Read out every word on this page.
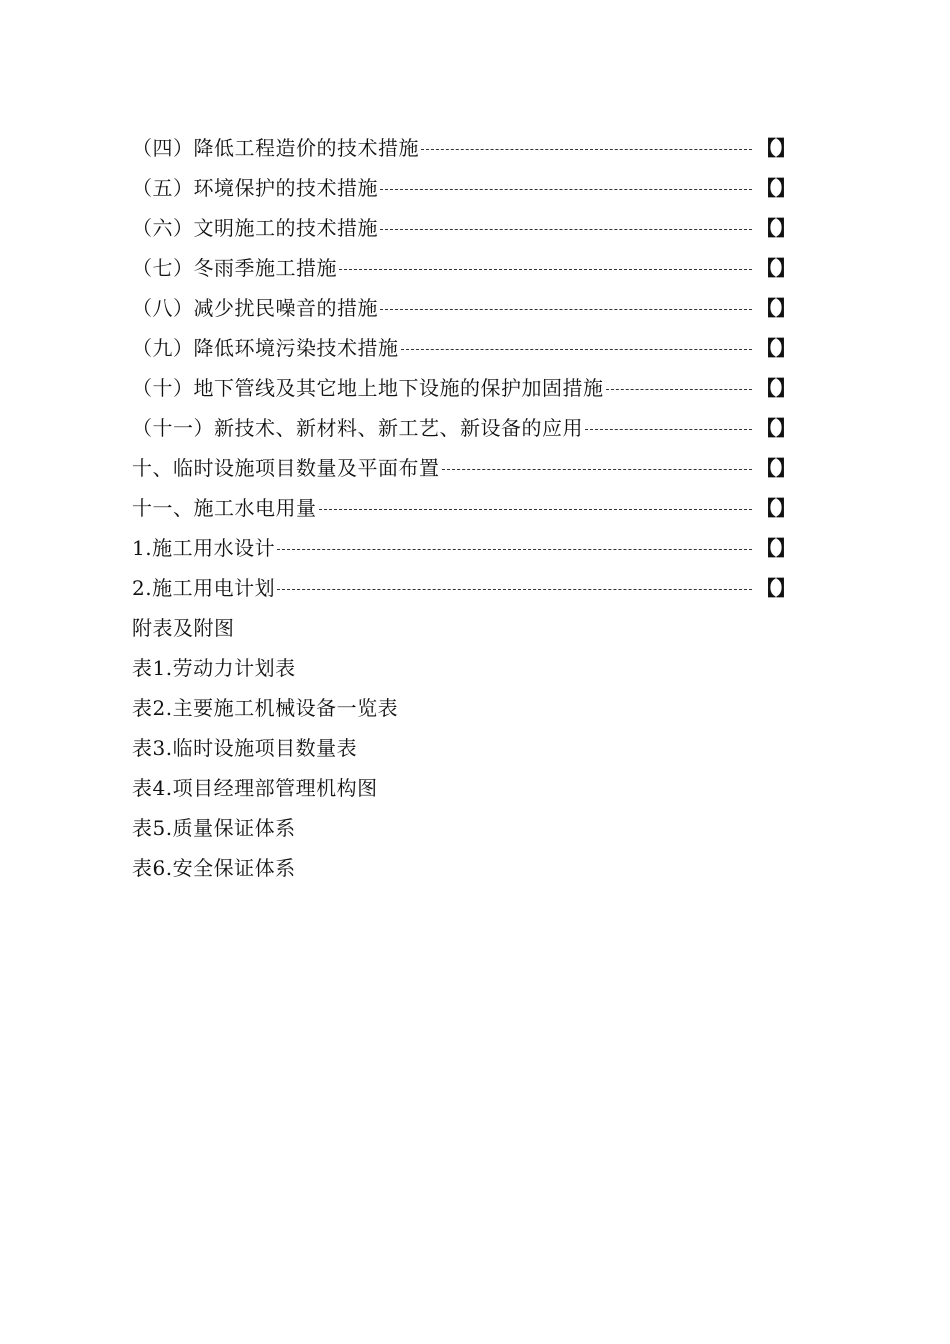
（四）降低工程造价的技术措施	【】
（五）环境保护的技术措施	【】
（六）文明施工的技术措施	【】
（七）冬雨季施工措施	【】
（八）减少扰民噪音的措施	【】
（九）降低环境污染技术措施	【】
（十）地下管线及其它地上地下设施的保护加固措施	【】
（十一）新技术、新材料、新工艺、新设备的应用	【】
十、临时设施项目数量及平面布置	【】
十一、施工水电用量	【】
1.施工用水设计	【】
2.施工用电计划	【】
附表及附图
表1.劳动力计划表
表2.主要施工机械设备一览表
表3.临时设施项目数量表
表4.项目经理部管理机构图
表5.质量保证体系
表6.安全保证体系
